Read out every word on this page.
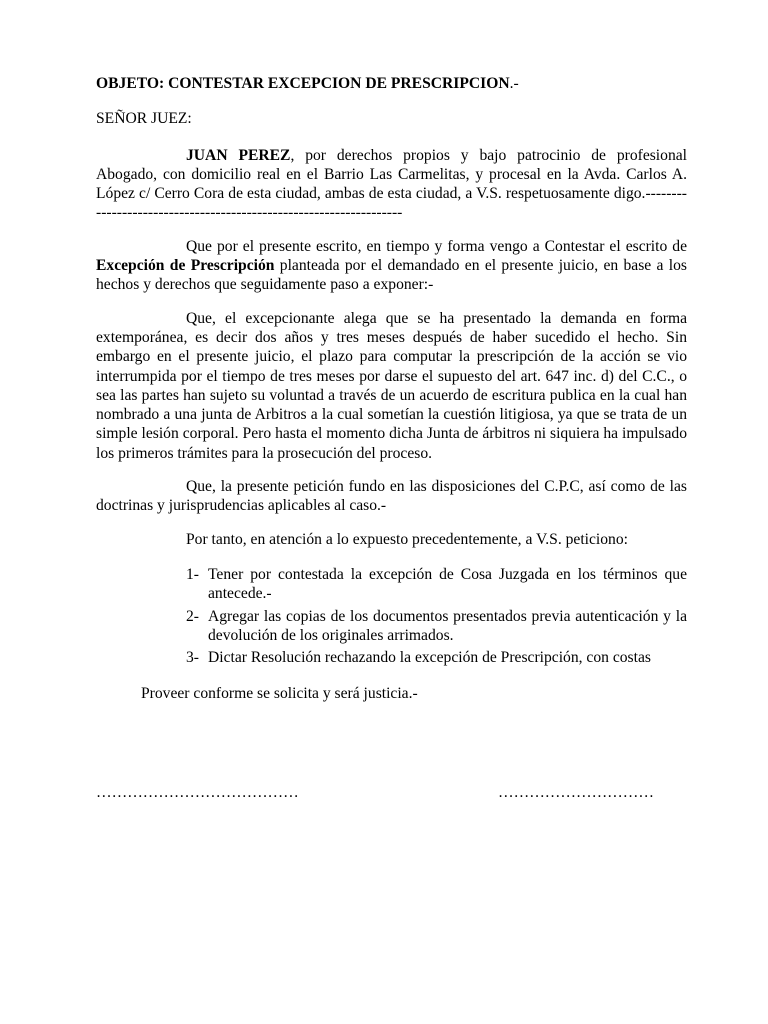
OBJETO: CONTESTAR EXCEPCION DE PRESCRIPCION.-
SEÑOR JUEZ:

JUAN PEREZ, por derechos propios y bajo patrocinio de profesional Abogado, con domicilio real en el Barrio Las Carmelitas, y procesal en la Avda. Carlos A. López c/ Cerro Cora de esta ciudad, ambas de esta ciudad, a V.S. respetuosamente digo.-------------------------------------------------------------------

Que por el presente escrito, en tiempo y forma vengo a Contestar el escrito de Excepción de Prescripción planteada por el demandado en el presente juicio, en base a los hechos y derechos que seguidamente paso a exponer:-

Que, el excepcionante alega que se ha presentado la demanda en forma extemporánea, es decir dos años y tres meses después de haber sucedido el hecho. Sin embargo en el presente juicio, el plazo para computar la prescripción de la acción se vio interrumpida por el tiempo de tres meses por darse el supuesto del art. 647 inc. d) del C.C., o sea las partes han sujeto su voluntad a través de un acuerdo de escritura publica en la cual han nombrado a una junta de Arbitros a la cual sometían la cuestión litigiosa, ya que se trata de un simple lesión corporal. Pero hasta el momento dicha Junta de árbitros ni siquiera ha impulsado los primeros trámites para la prosecución del proceso.

Que, la presente petición fundo en las disposiciones del C.P.C, así como de las doctrinas y jurisprudencias aplicables al caso.-

Por tanto, en atención a lo expuesto precedentemente, a V.S. peticiono:

1- Tener por contestada la excepción de Cosa Juzgada en los términos que antecede.-
2- Agregar las copias de los documentos presentados previa autenticación y la devolución de los originales arrimados.
3- Dictar Resolución rechazando la excepción de Prescripción, con costas
Proveer conforme se solicita y será justicia.-
…………………………………	…………………………
